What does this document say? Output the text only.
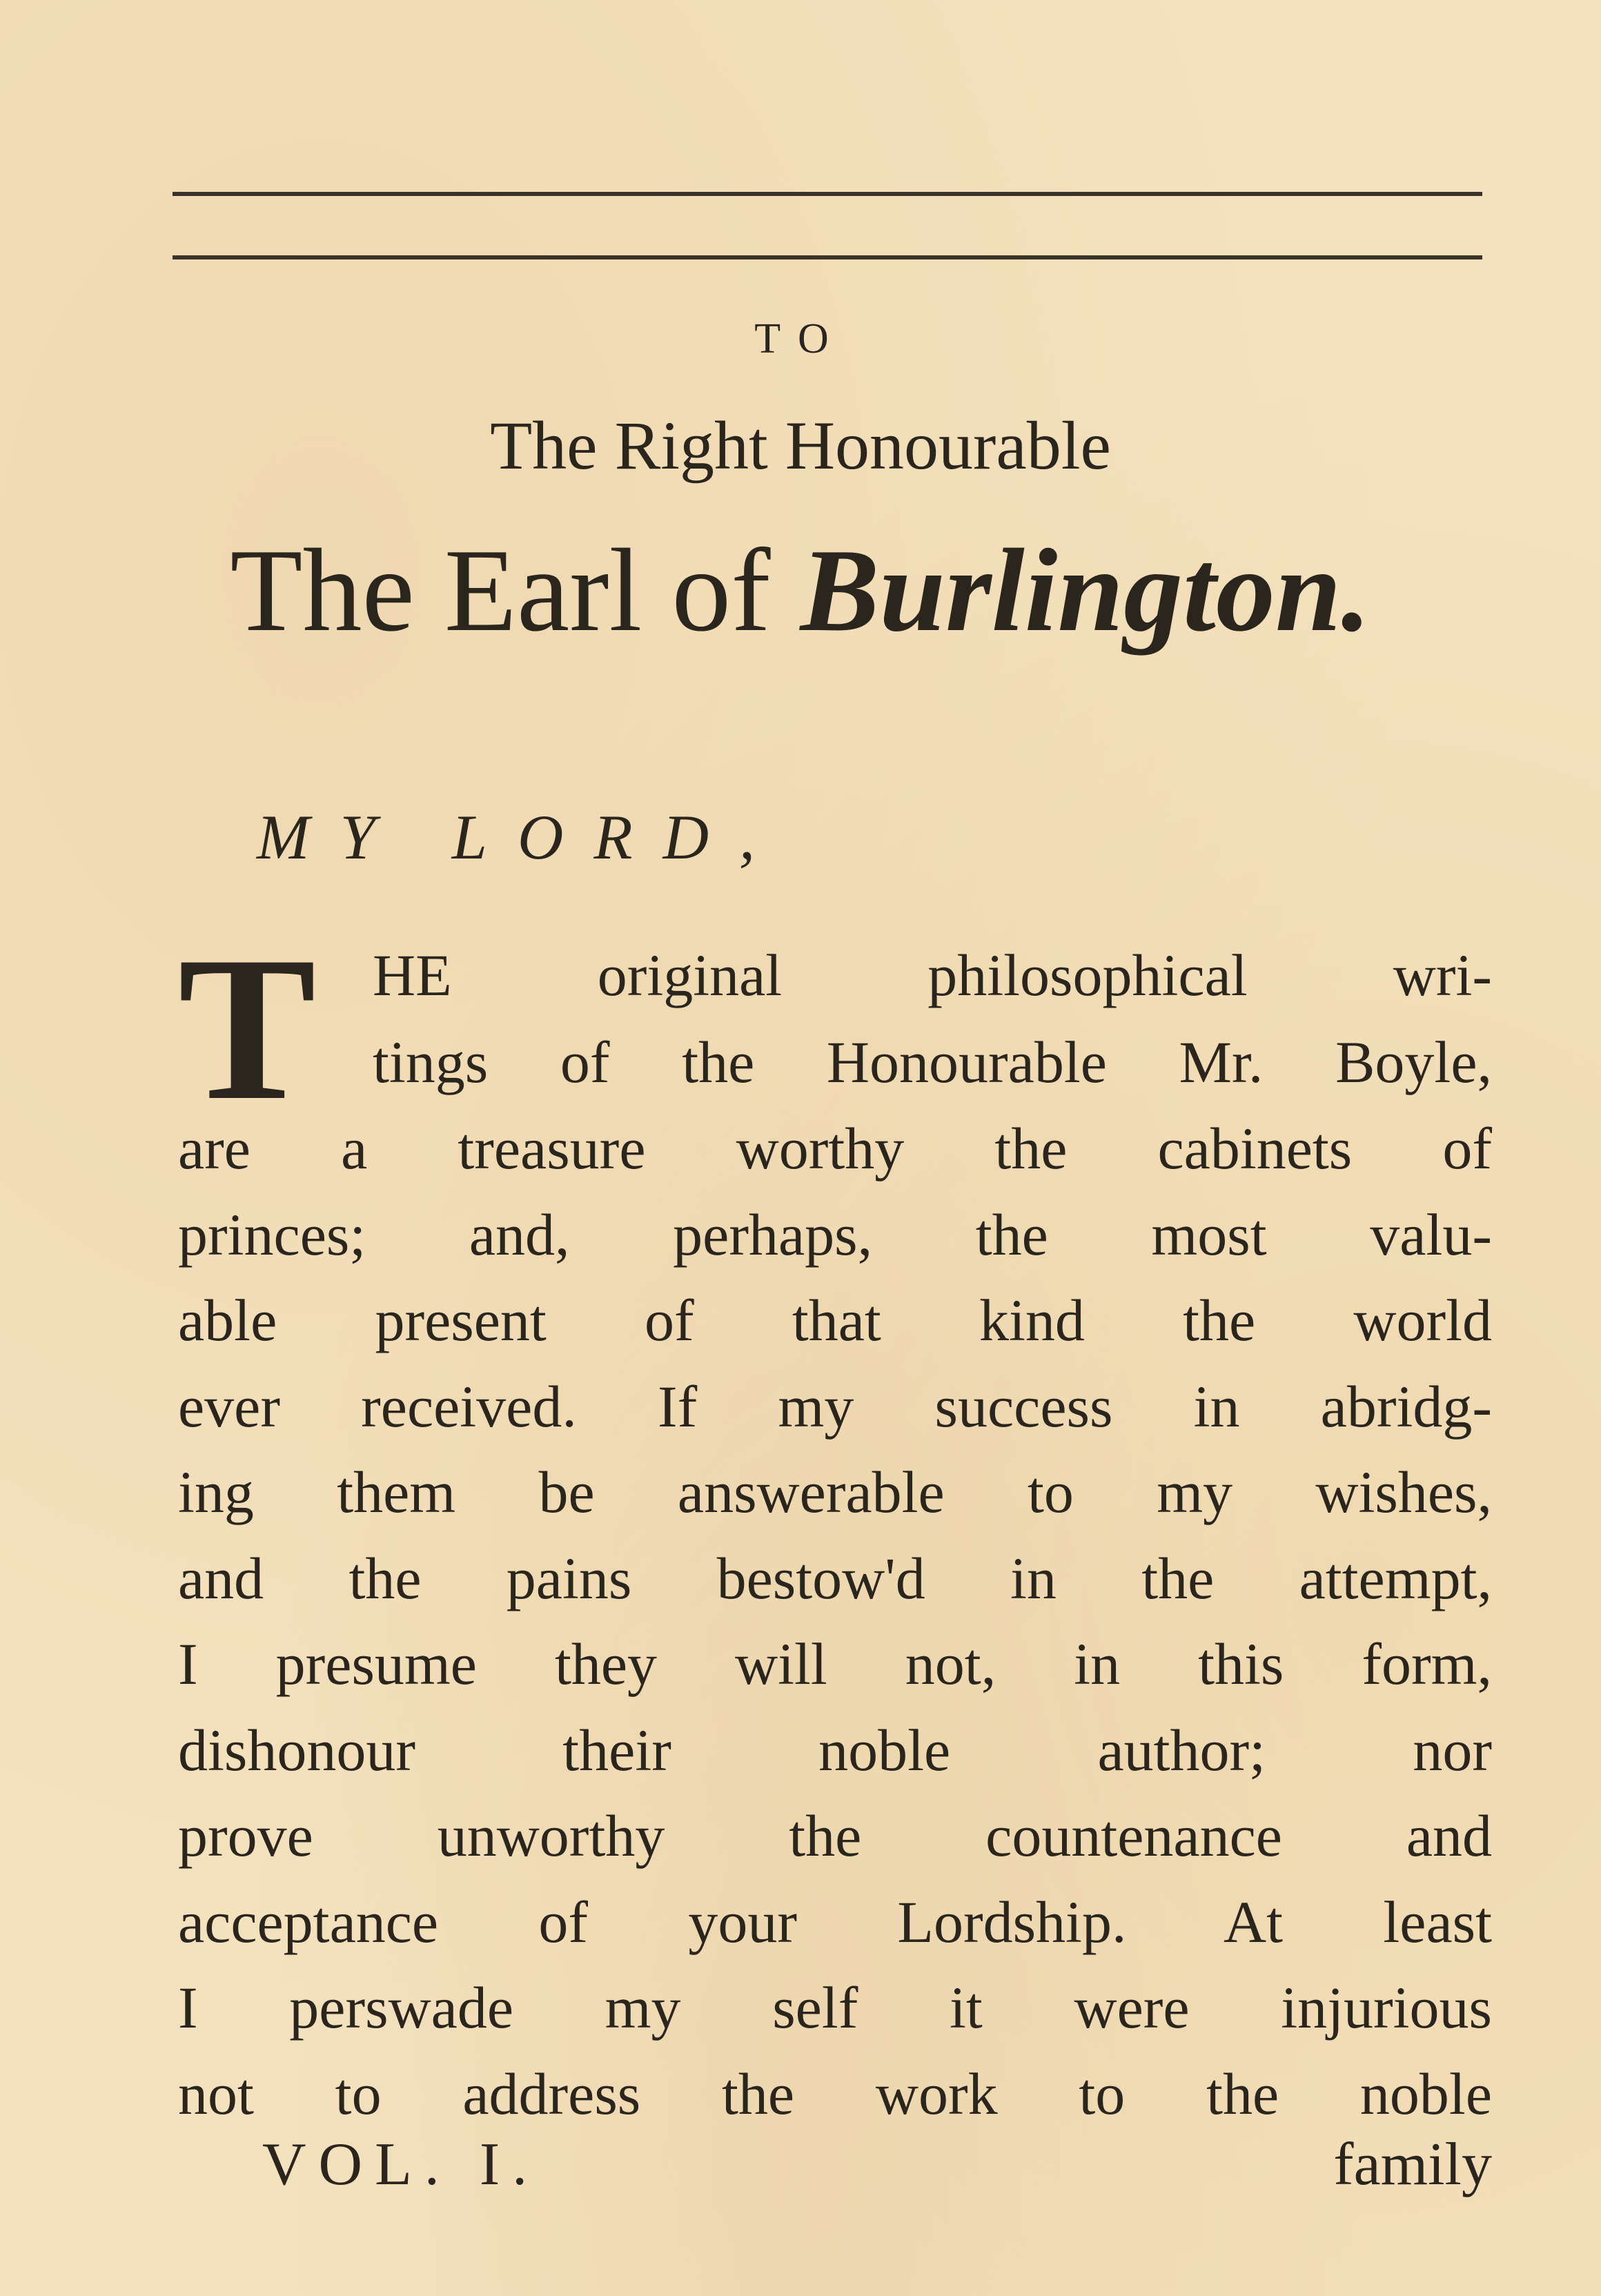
TO
The Right Honourable
The Earl of Burlington.
MY LORD,
T HE original philosophical wri-
tings of the Honourable Mr. Boyle,
are a treasure worthy the cabinets of
princes; and, perhaps, the most valu-
able present of that kind the world
ever received. If my success in abridg-
ing them be answerable to my wishes,
and the pains bestow'd in the attempt,
I presume they will not, in this form,
dishonour their noble author; nor
prove unworthy the countenance and
acceptance of your Lordship. At least
I perswade my self it were injurious
not to address the work to the noble
VOL. I.	family
